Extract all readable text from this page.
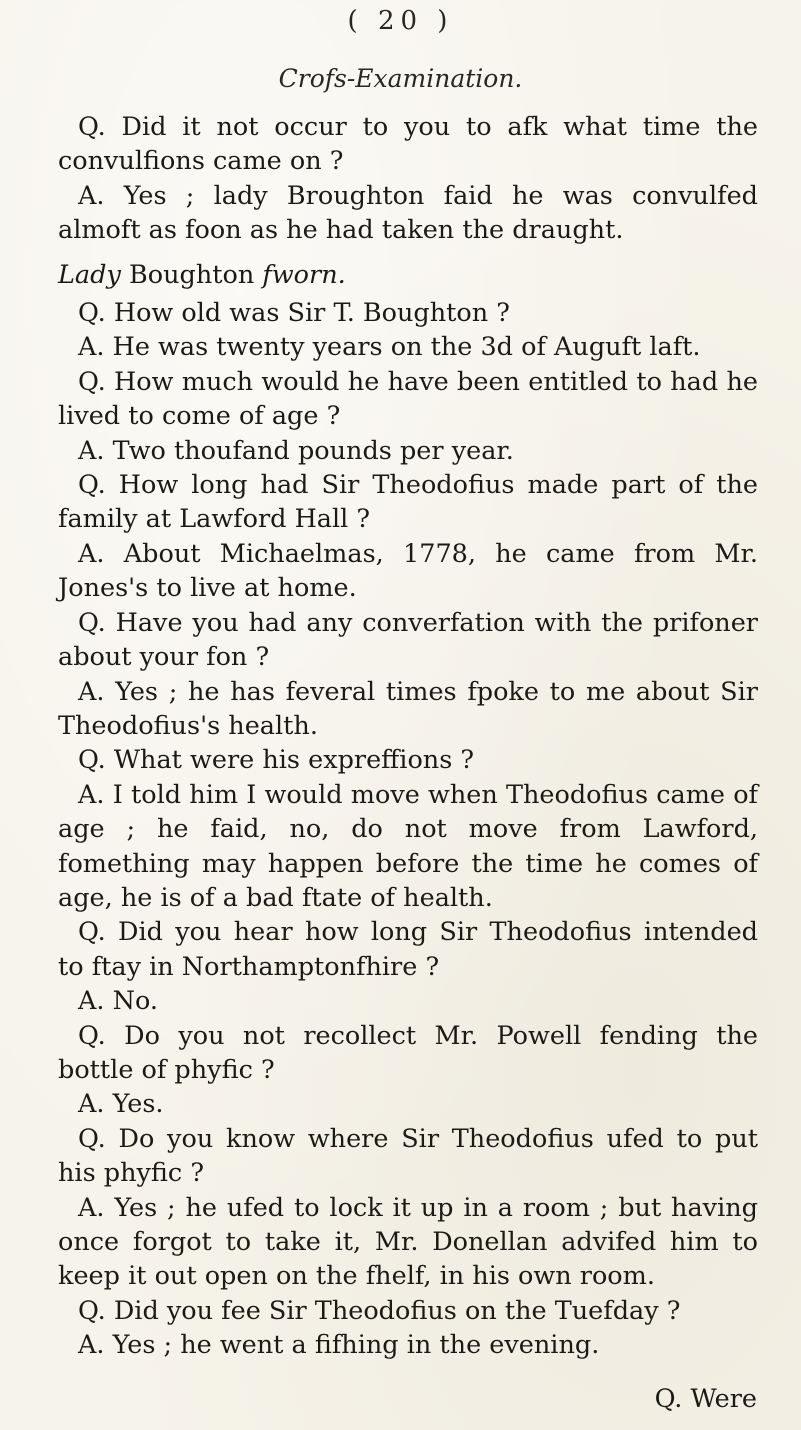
( 20 )
Crofs-Examination.

Q. Did it not occur to you to afk what time the convulfions came on ?

A. Yes ; lady Broughton faid he was convulfed almoft as foon as he had taken the draught.

Lady Boughton fworn.

Q. How old was Sir T. Boughton ?

A. He was twenty years on the 3d of Auguft laft.

Q. How much would he have been entitled to had he lived to come of age ?

A. Two thoufand pounds per year.

Q. How long had Sir Theodofius made part of the family at Lawford Hall ?

A. About Michaelmas, 1778, he came from Mr. Jones's to live at home.

Q. Have you had any converfation with the prifoner about your fon ?

A. Yes ; he has feveral times fpoke to me about Sir Theodofius's health.

Q. What were his expreffions ?

A. I told him I would move when Theodofius came of age ; he faid, no, do not move from Lawford, fomething may happen before the time he comes of age, he is of a bad ftate of health.

Q. Did you hear how long Sir Theodofius intended to ftay in Northamptonfhire ?

A. No.

Q. Do you not recollect Mr. Powell fending the bottle of phyfic ?

A. Yes.

Q. Do you know where Sir Theodofius ufed to put his phyfic ?

A. Yes ; he ufed to lock it up in a room ; but having once forgot to take it, Mr. Donellan advifed him to keep it out open on the fhelf, in his own room.

Q. Did you fee Sir Theodofius on the Tuefday ?

A. Yes ; he went a fifhing in the evening.

Q. Were
